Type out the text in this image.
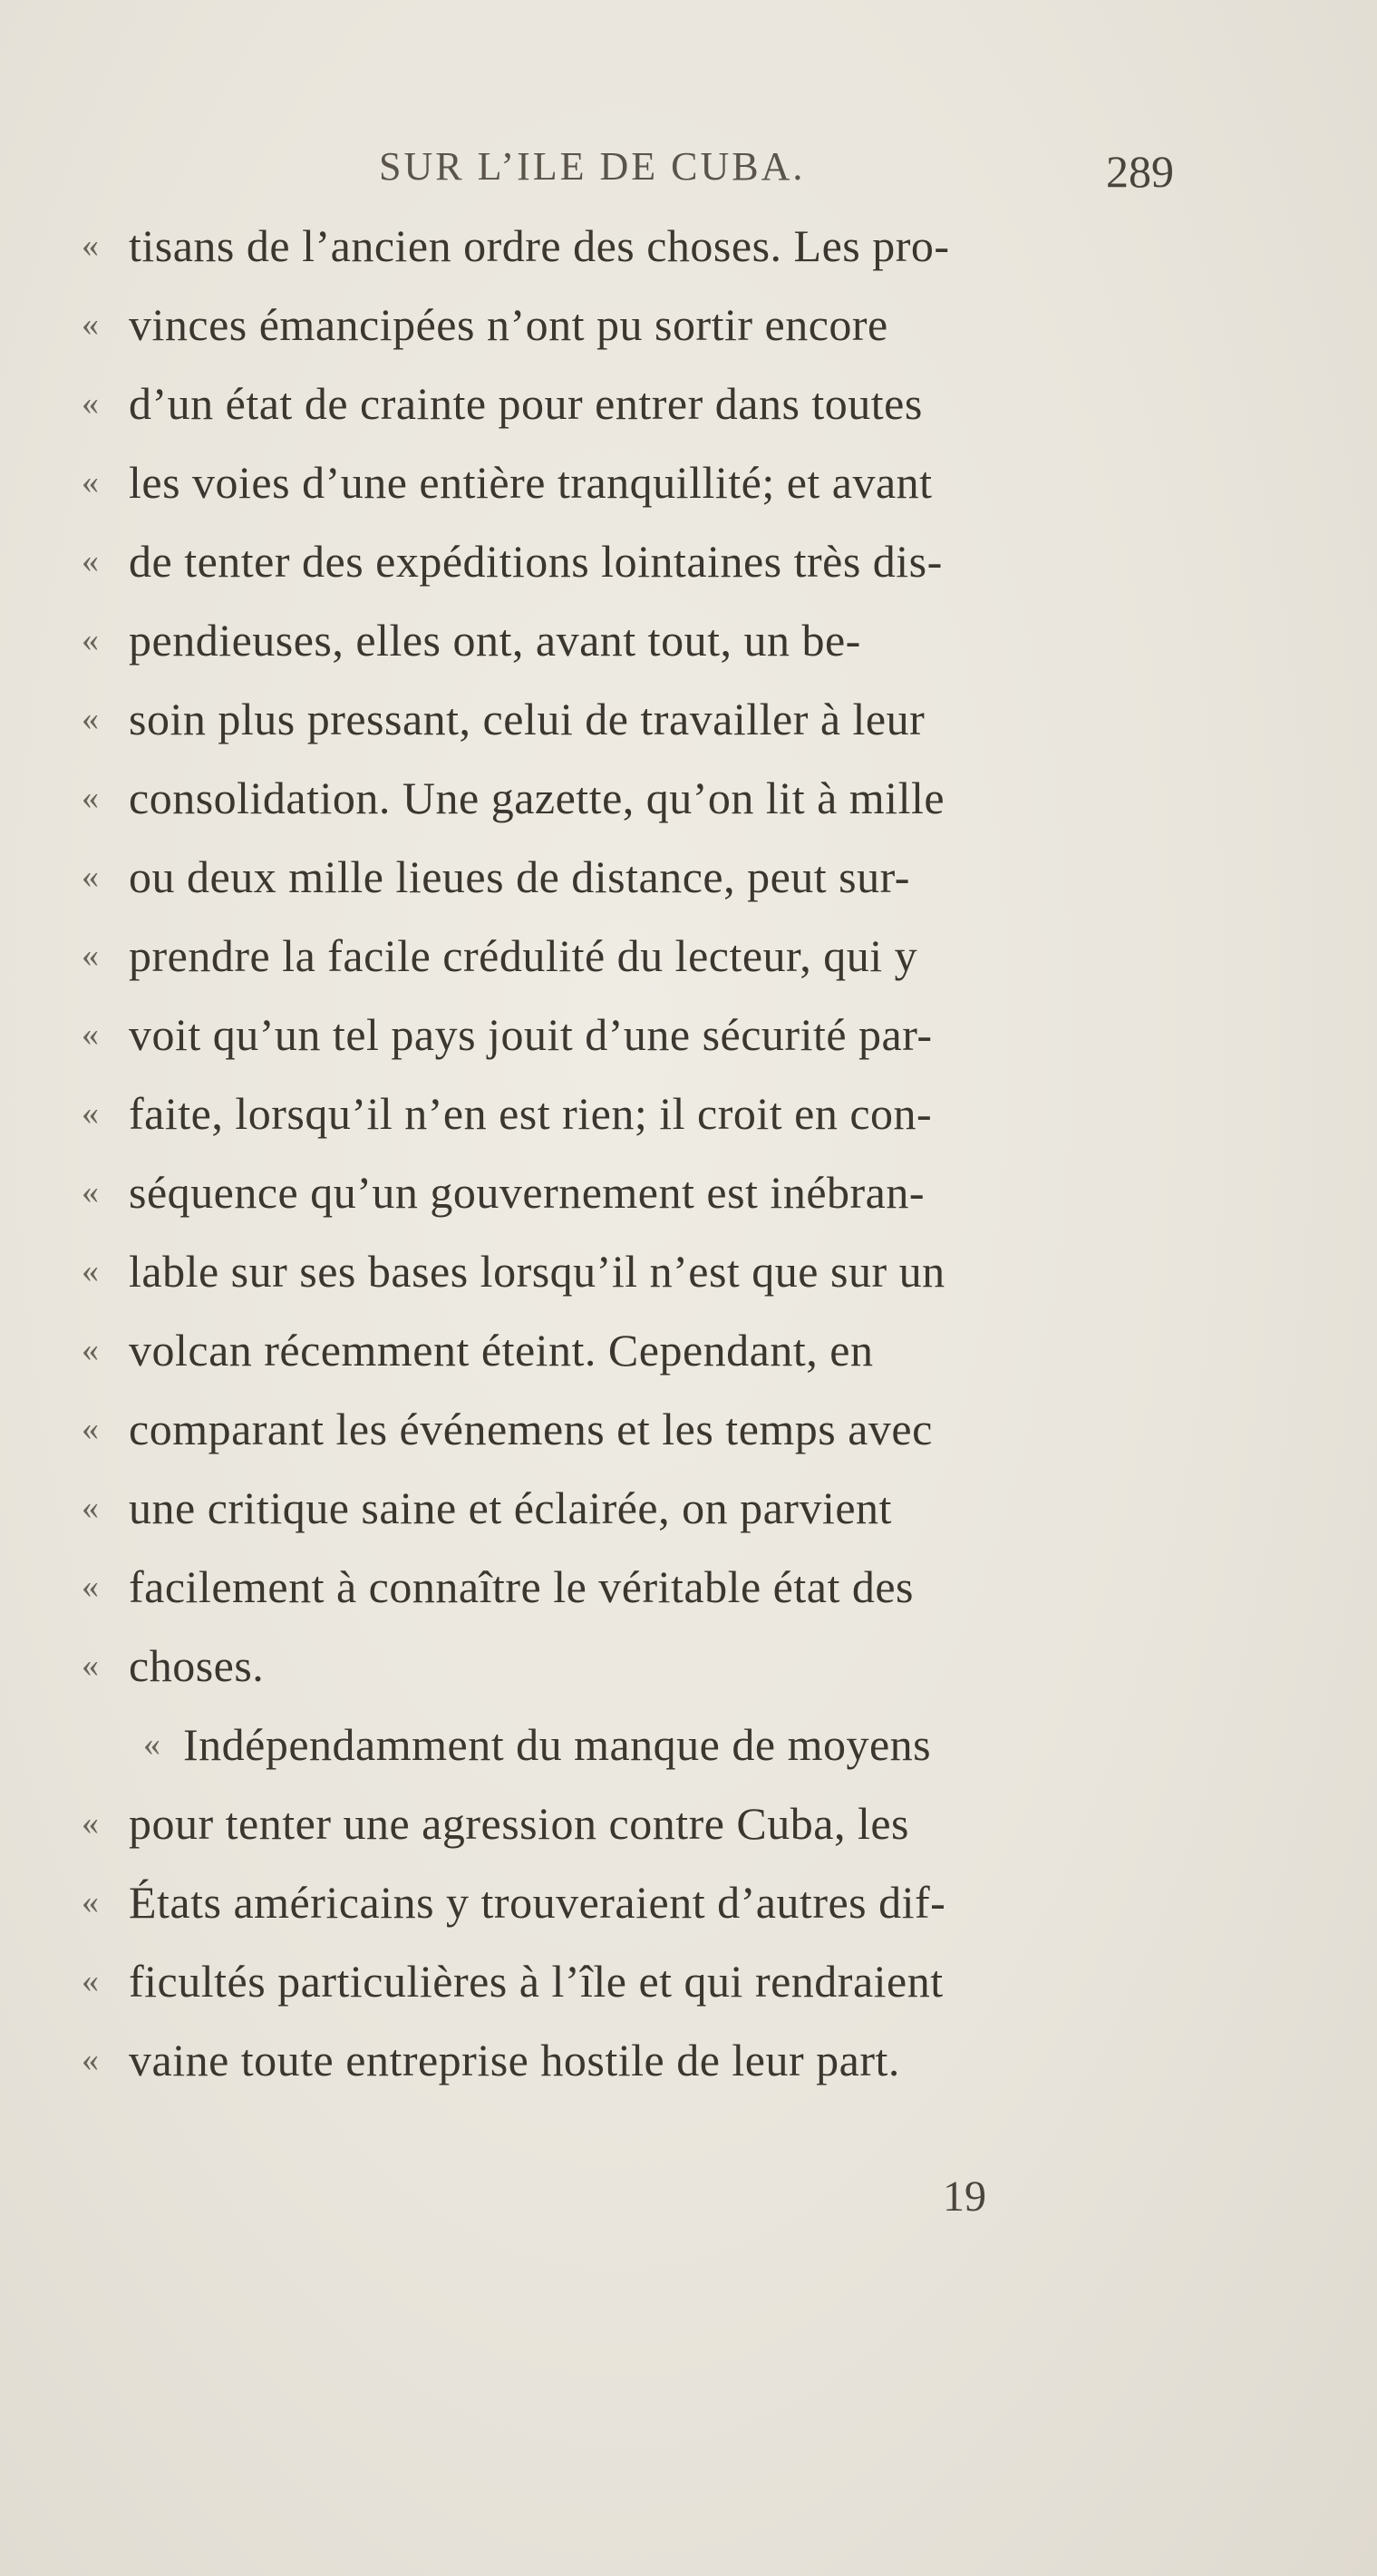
SUR L’ILE DE CUBA.	289
« tisans de l’ancien ordre des choses. Les pro-
« vinces émancipées n’ont pu sortir encore
« d’un état de crainte pour entrer dans toutes
« les voies d’une entière tranquillité; et avant
« de tenter des expéditions lointaines très dis-
« pendieuses, elles ont, avant tout, un be-
« soin plus pressant, celui de travailler à leur
« consolidation. Une gazette, qu’on lit à mille
« ou deux mille lieues de distance, peut sur-
« prendre la facile crédulité du lecteur, qui y
« voit qu’un tel pays jouit d’une sécurité par-
« faite, lorsqu’il n’en est rien; il croit en con-
« séquence qu’un gouvernement est inébran-
« lable sur ses bases lorsqu’il n’est que sur un
« volcan récemment éteint. Cependant, en
« comparant les événemens et les temps avec
« une critique saine et éclairée, on parvient
« facilement à connaître le véritable état des
« choses.
« Indépendamment du manque de moyens
« pour tenter une agression contre Cuba, les
« États américains y trouveraient d’autres dif-
« ficultés particulières à l’île et qui rendraient
« vaine toute entreprise hostile de leur part.
19
